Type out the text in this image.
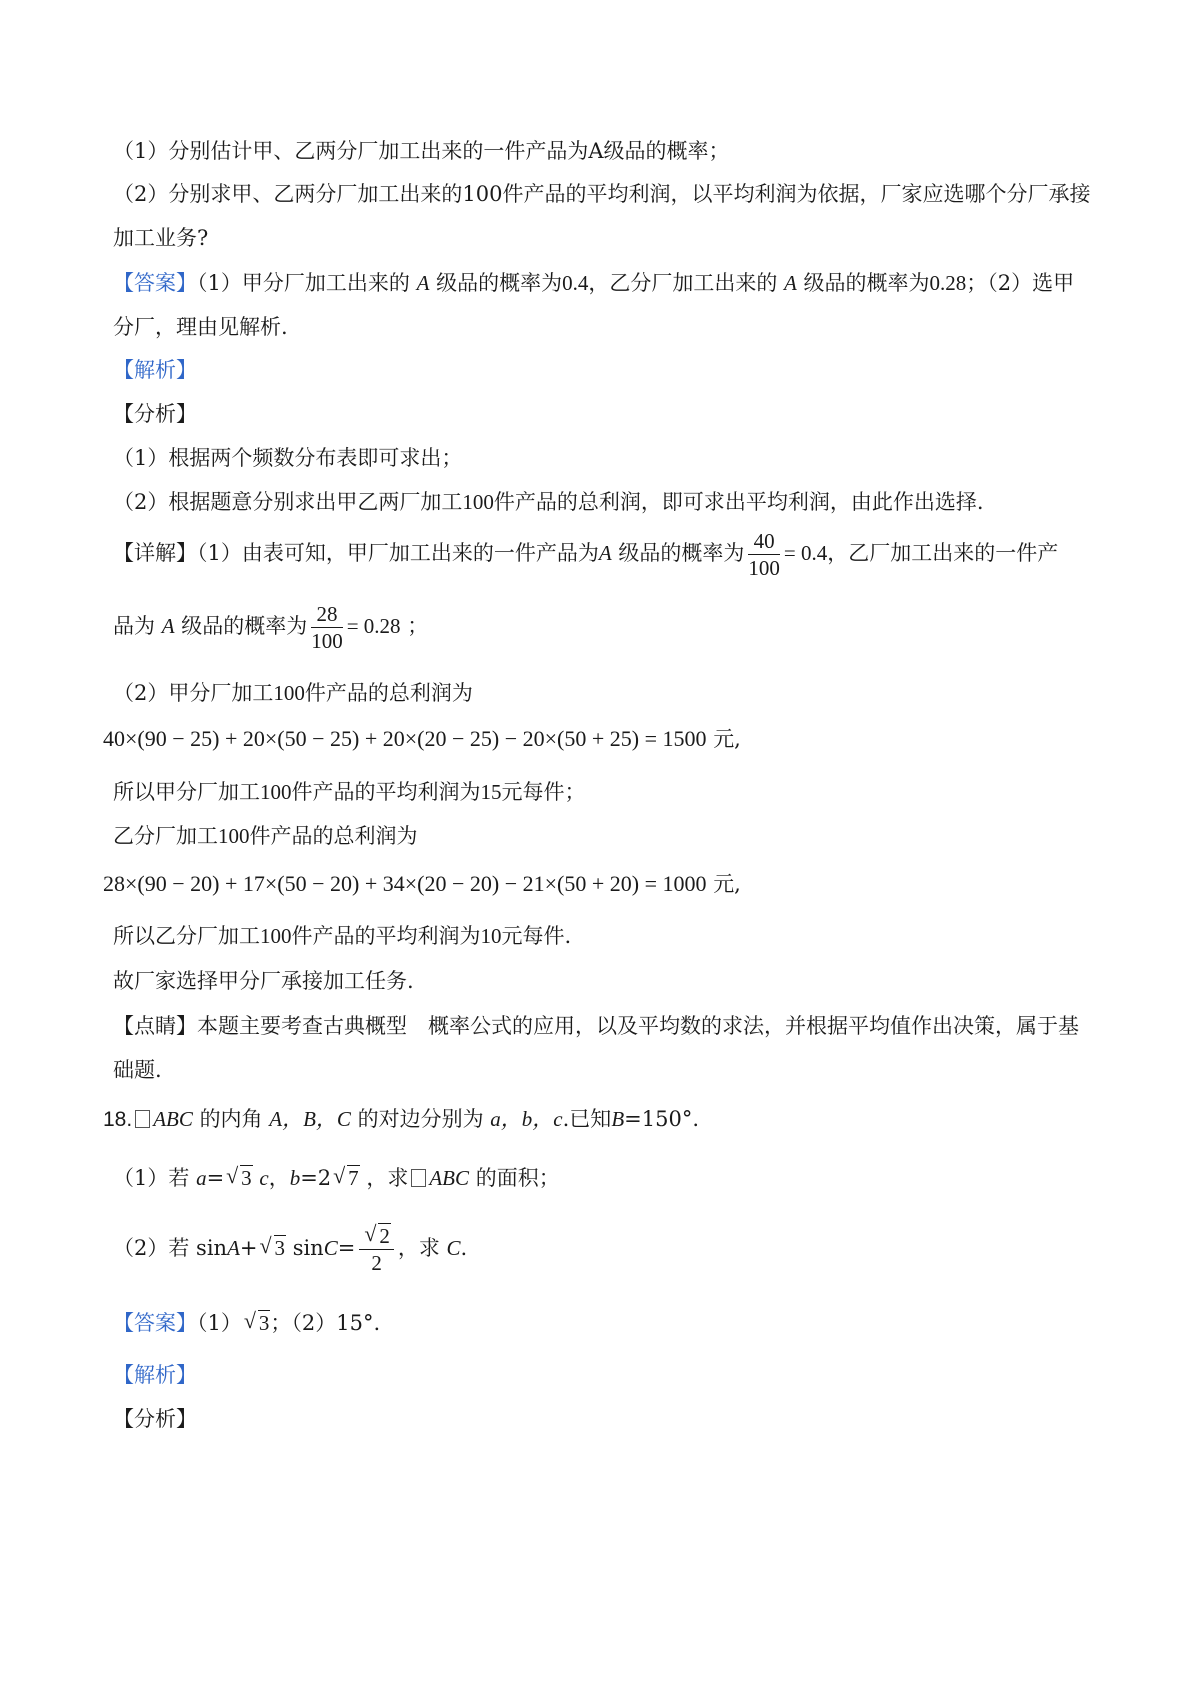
（1）分别估计甲、乙两分厂加工出来的一件产品为A级品的概率；
（2）分别求甲、乙两分厂加工出来的100件产品的平均利润，以平均利润为依据，厂家应选哪个分厂承接
加工业务?
【答案】（1）甲分厂加工出来的 A 级品的概率为0.4，乙分厂加工出来的 A 级品的概率为0.28；（2）选甲
分厂，理由见解析.
【解析】
【分析】
（1）根据两个频数分布表即可求出；
（2）根据题意分别求出甲乙两厂加工100件产品的总利润，即可求出平均利润，由此作出选择.
【详解】（1）由表可知，甲厂加工出来的一件产品为A 级品的概率为 $\frac{40}{100} = 0.4$，乙厂加工出来的一件产
品为 A 级品的概率为 $\frac{28}{100} = 0.28$ ；
（2）甲分厂加工100件产品的总利润为
40×(90 − 25) + 20×(50 − 25) + 20×(20 − 25) − 20×(50 + 25) = 1500 元,
所以甲分厂加工100件产品的平均利润为15元每件；
乙分厂加工100件产品的总利润为
28×(90 − 20) + 17×(50 − 20) + 34×(20 − 20) − 21×(50 + 20) = 1000 元,
所以乙分厂加工100件产品的平均利润为10元每件.
故厂家选择甲分厂承接加工任务.
【点睛】本题主要考查古典概型　概率公式的应用，以及平均数的求法，并根据平均值作出决策，属于基
础题.
18. ABC 的内角 A，B，C 的对边分别为 a，b，c.已知B=150°.
（1）若 a= √ 3 c，b=2 √ 7 ，求 ABC 的面积；
（2）若 sinA+ √ 3 $\sin C= \frac{√ 2}{2}$ ，求 C.
【答案】（1） √ 3；（2）15°.
【解析】
【分析】
